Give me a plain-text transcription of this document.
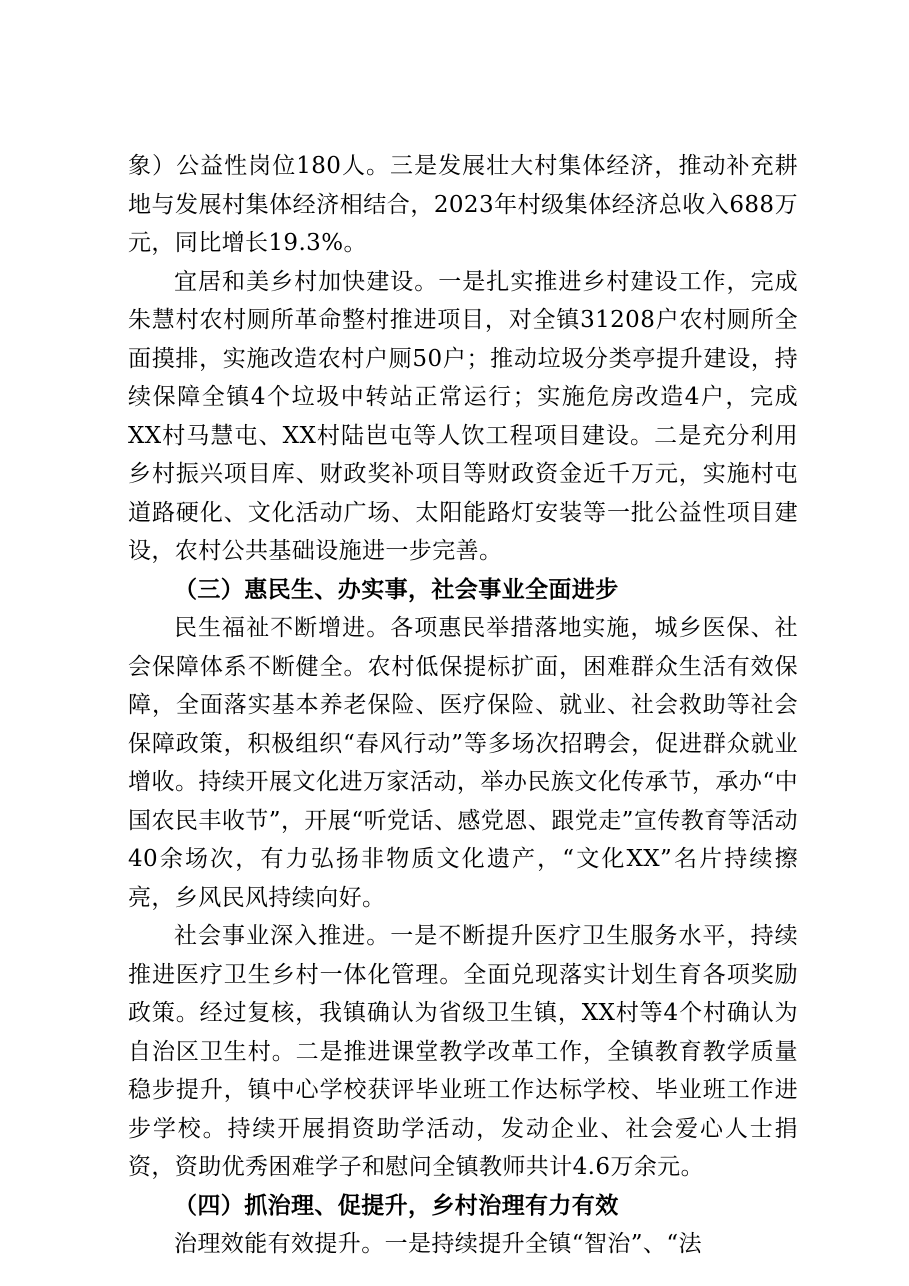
象）公益性岗位180人。三是发展壮大村集体经济，推动补充耕地与发展村集体经济相结合，2023年村级集体经济总收入688万元，同比增长19.3%。

宜居和美乡村加快建设。一是扎实推进乡村建设工作，完成朱慧村农村厕所革命整村推进项目，对全镇31208户农村厕所全面摸排，实施改造农村户厕50户；推动垃圾分类亭提升建设，持续保障全镇4个垃圾中转站正常运行；实施危房改造4户，完成XX村马慧屯、XX村陆岜屯等人饮工程项目建设。二是充分利用乡村振兴项目库、财政奖补项目等财政资金近千万元，实施村屯道路硬化、文化活动广场、太阳能路灯安装等一批公益性项目建设，农村公共基础设施进一步完善。

（三）惠民生、办实事，社会事业全面进步

民生福祉不断增进。各项惠民举措落地实施，城乡医保、社会保障体系不断健全。农村低保提标扩面，困难群众生活有效保障，全面落实基本养老保险、医疗保险、就业、社会救助等社会保障政策，积极组织“春风行动”等多场次招聘会，促进群众就业增收。持续开展文化进万家活动，举办民族文化传承节，承办“中国农民丰收节”，开展“听党话、感党恩、跟党走”宣传教育等活动40余场次，有力弘扬非物质文化遗产，“文化XX”名片持续擦亮，乡风民风持续向好。

社会事业深入推进。一是不断提升医疗卫生服务水平，持续推进医疗卫生乡村一体化管理。全面兑现落实计划生育各项奖励政策。经过复核，我镇确认为省级卫生镇，XX村等4个村确认为自治区卫生村。二是推进课堂教学改革工作，全镇教育教学质量稳步提升，镇中心学校获评毕业班工作达标学校、毕业班工作进步学校。持续开展捐资助学活动，发动企业、社会爱心人士捐资，资助优秀困难学子和慰问全镇教师共计4.6万余元。

（四）抓治理、促提升，乡村治理有力有效

治理效能有效提升。一是持续提升全镇“智治”、“法
